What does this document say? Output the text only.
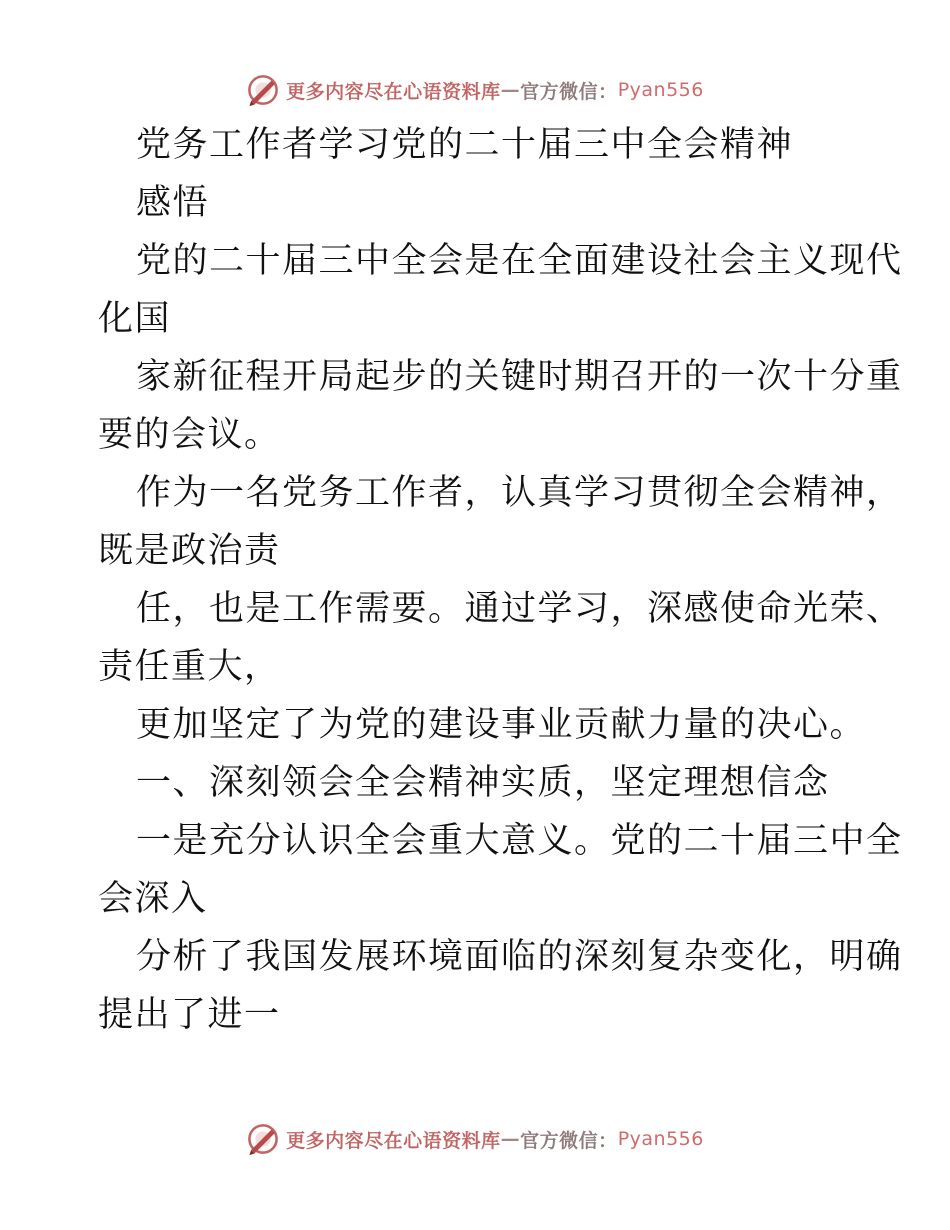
更多内容尽在心语资料库 — 官方微信： Pyan556
党务工作者学习党的二十届三中全会精神
感悟
党的二十届三中全会是在全面建设社会主义现代
化国
家新征程开局起步的关键时期召开的一次十分重
要的会议。
作为一名党务工作者，认真学习贯彻全会精神，
既是政治责
任，也是工作需要。通过学习，深感使命光荣、
责任重大，
更加坚定了为党的建设事业贡献力量的决心。
一、深刻领会全会精神实质，坚定理想信念
一是充分认识全会重大意义。党的二十届三中全
会深入
分析了我国发展环境面临的深刻复杂变化，明确
提出了进一
更多内容尽在心语资料库 — 官方微信： Pyan556
